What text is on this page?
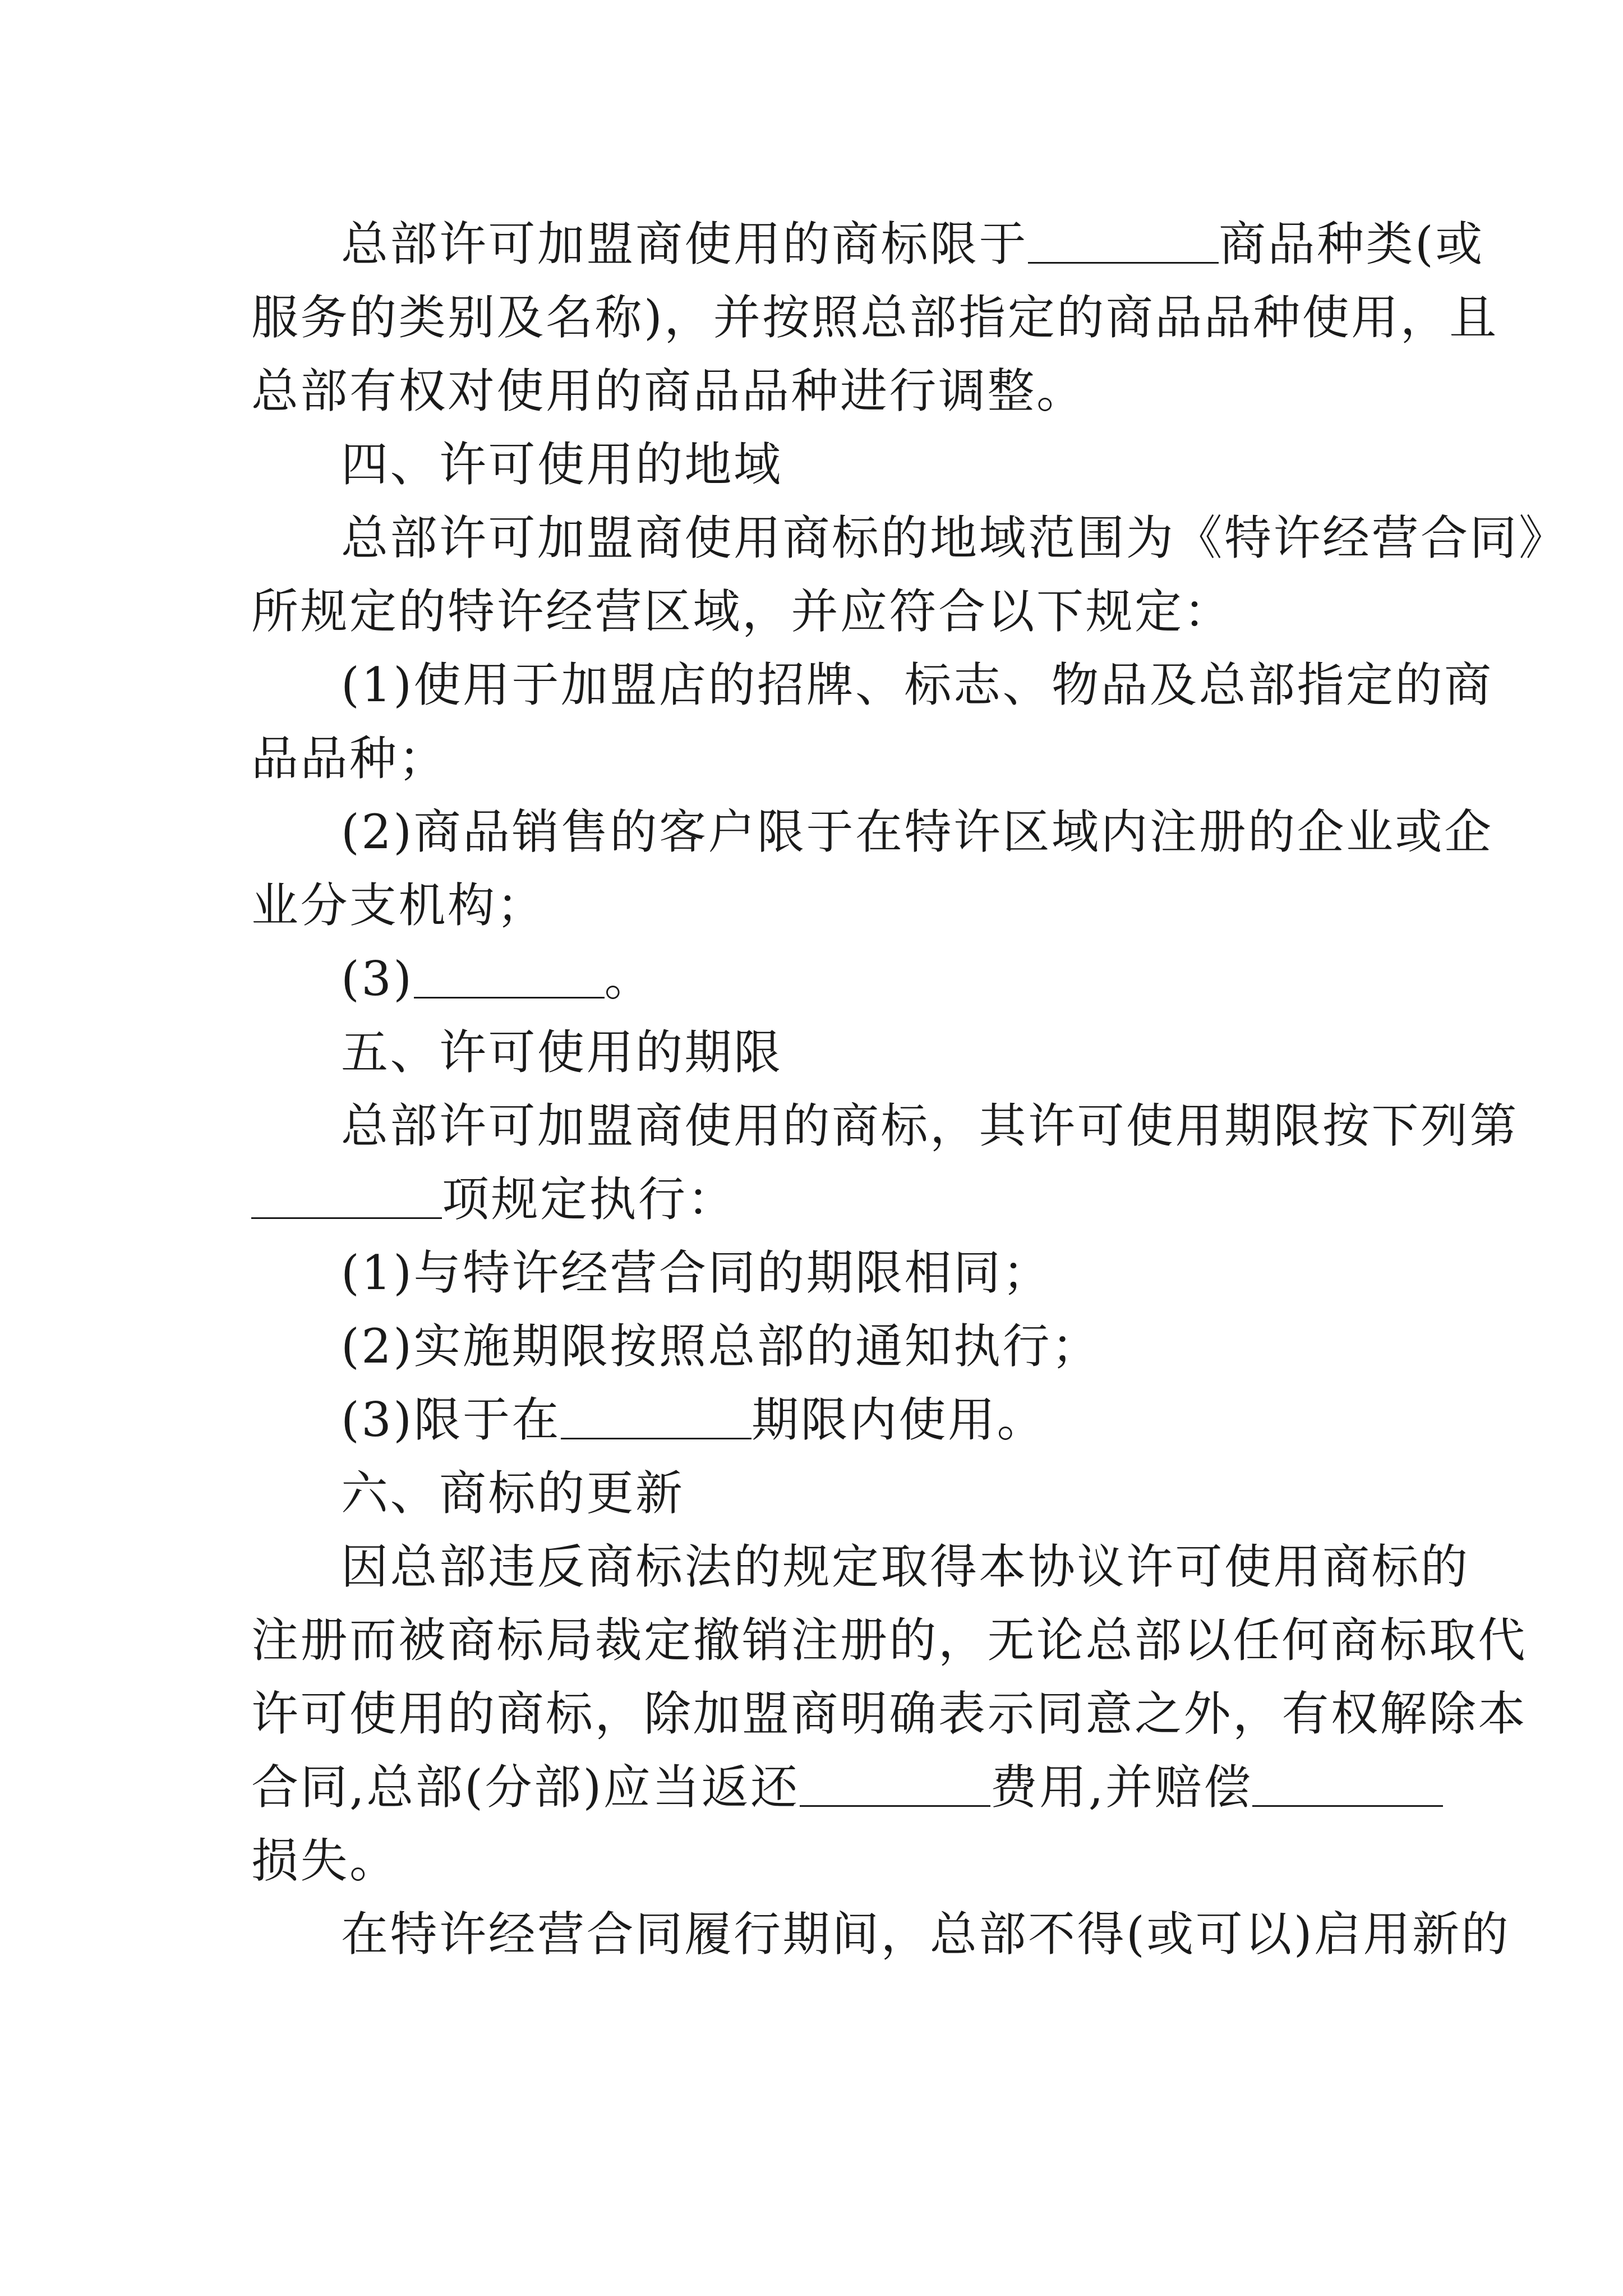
总部许可加盟商使用的商标限于	商品种类(或
服务的类别及名称)，并按照总部指定的商品品种使用，且
总部有权对使用的商品品种进行调整。
四、许可使用的地域
总部许可加盟商使用商标的地域范围为《特许经营合同》
所规定的特许经营区域，并应符合以下规定：
(1)使用于加盟店的招牌、标志、物品及总部指定的商
品品种；
(2)商品销售的客户限于在特许区域内注册的企业或企
业分支机构；
(3)	。
五、许可使用的期限
总部许可加盟商使用的商标，其许可使用期限按下列第
项规定执行：
(1)与特许经营合同的期限相同；
(2)实施期限按照总部的通知执行；
(3)限于在	期限内使用。
六、商标的更新
因总部违反商标法的规定取得本协议许可使用商标的
注册而被商标局裁定撤销注册的，无论总部以任何商标取代
许可使用的商标，除加盟商明确表示同意之外，有权解除本
合同,总部(分部)应当返还	费用,并赔偿
损失。
在特许经营合同履行期间，总部不得(或可以)启用新的
